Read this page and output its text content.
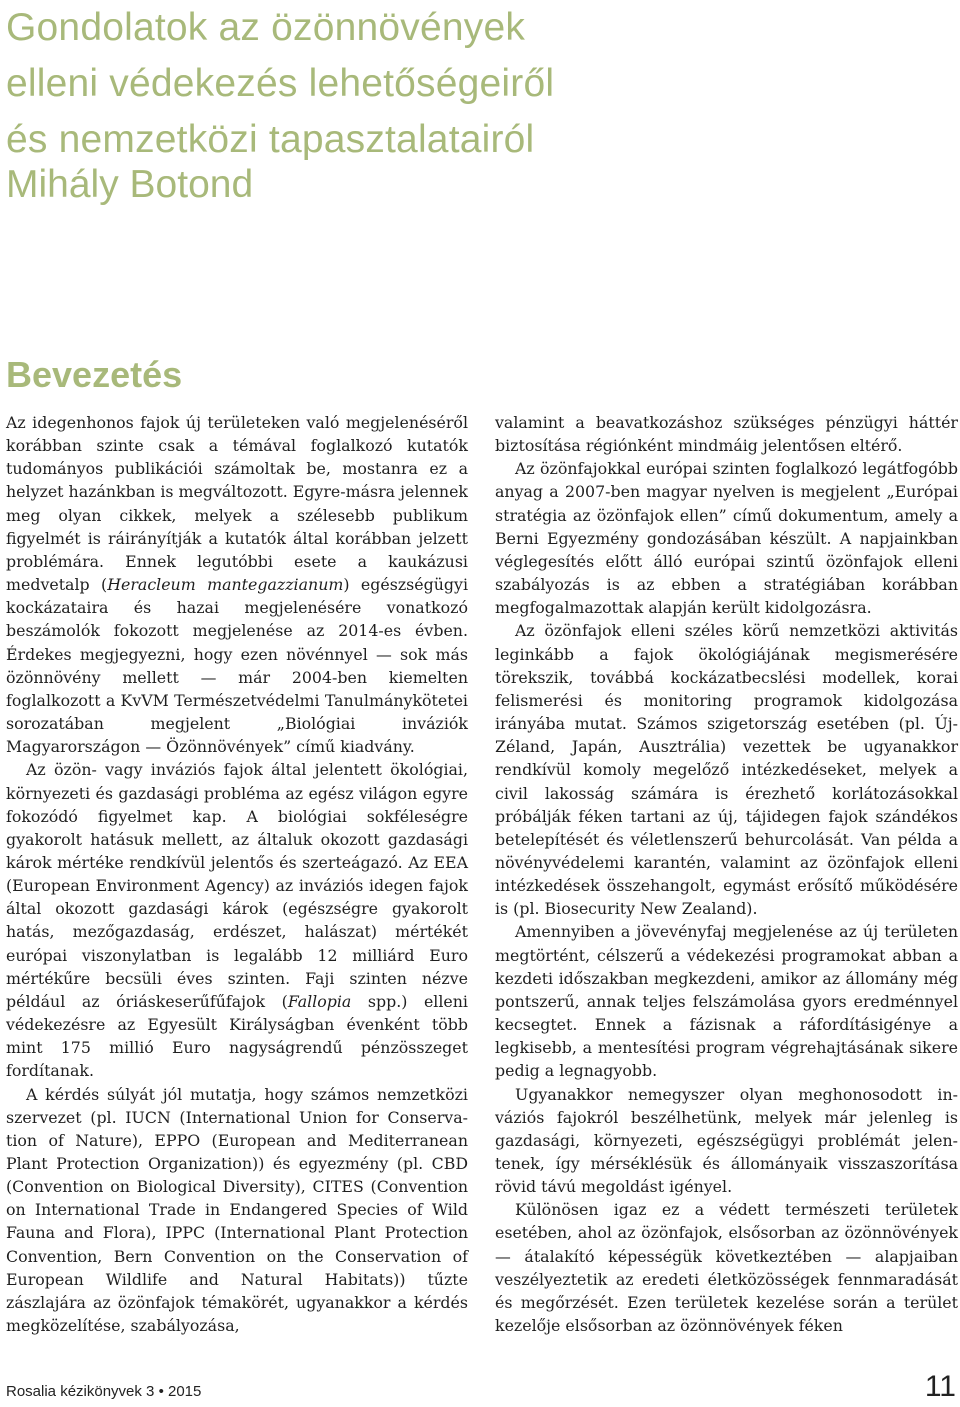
Gondolatok az özönnövények
elleni védekezés lehetőségeiről
és nemzetközi tapasztalatairól
Mihály Botond
Bevezetés

Az idegenhonos fajok új területeken való megjelenéséről korábban szinte csak a témával foglalkozó kutatók tudományos publikációi számoltak be, mostanra ez a helyzet hazánkban is megváltozott. Egyre-másra jelennek meg olyan cikkek, melyek a szélesebb publikum figyelmét is ráirányítják a kutatók által korábban jelzett problémára. Ennek legutóbbi esete a kaukázusi medvetalp (Heracleum mantegazzianum) egészségügyi kockázataira és hazai megjelenésére vonatkozó beszámolók fokozott megjelenése az 2014-es évben. Érdekes megjegyezni, hogy ezen növénnyel — sok más özönnövény mellett — már 2004-ben kiemelten foglalkozott a KvVM Természetvédelmi Tanulmánykötetei sorozatában megjelent „Biológiai inváziók Magyarországon — Özönnövények” című kiadvány.

Az özön- vagy inváziós fajok által jelentett ökológiai, környezeti és gazdasági probléma az egész világon egyre fokozódó figyelmet kap. A biológiai sokféleségre gyakorolt hatásuk mellett, az általuk okozott gazdasági károk mértéke rendkívül jelentős és szerteágazó. Az EEA (European Environment Agency) az inváziós idegen fajok által okozott gazdasági károk (egészségre gyakorolt hatás, mezőgazdaság, erdészet, halászat) mértékét európai viszonylatban is legalább 12 milliárd Euro mértékűre becsüli éves szinten. Faji szinten nézve például az óriáskeserűfűfajok (Fallopia spp.) elleni védekezésre az Egyesült Királyságban évenként több mint 175 millió Euro nagyságrendű pénzösszeget fordítanak.

A kérdés súlyát jól mutatja, hogy számos nemzetközi szervezet (pl. IUCN (International Union for Conservation of Nature), EPPO (European and Mediterranean Plant Protection Organization)) és egyezmény (pl. CBD (Convention on Biological Diversity), CITES (Convention on International Trade in Endangered Species of Wild Fauna and Flora), IPPC (International Plant Protection Convention, Bern Convention on the Conservation of European Wildlife and Natural Habitats)) tűzte zászlajára az özönfajok témakörét, ugyanakkor a kérdés megközelítése, szabályozása,

valamint a beavatkozáshoz szükséges pénzügyi háttér biztosítása régiónként mindmáig jelentősen eltérő.

Az özönfajokkal európai szinten foglalkozó legátfogóbb anyag a 2007-ben magyar nyelven is megjelent „Európai stratégia az özönfajok ellen” című dokumentum, amely a Berni Egyezmény gondozásában készült. A napjainkban véglegesítés előtt álló európai szintű özönfajok elleni szabályozás is az ebben a stratégiában korábban megfogalmazottak alapján került kidolgozásra.

Az özönfajok elleni széles körű nemzetközi aktivitás leginkább a fajok ökológiájának megismerésére törekszik, továbbá kockázatbecslési modellek, korai felismerési és monitoring programok kidolgozása irányába mutat. Számos szigetország esetében (pl. Új-Zéland, Japán, Ausztrália) vezettek be ugyanakkor rendkívül komoly megelőző intézkedéseket, melyek a civil lakosság számára is érezhető korlátozásokkal próbálják féken tartani az új, tájidegen fajok szándékos betelepítését és véletlenszerű behurcolását. Van példa a növényvédelemi karantén, valamint az özönfajok elleni intézkedések összehangolt, egymást erősítő működésére is (pl. Biosecurity New Zealand).

Amennyiben a jövevényfaj megjelenése az új területen megtörtént, célszerű a védekezési programokat abban a kezdeti időszakban megkezdeni, amikor az állomány még pontszerű, annak teljes felszámolása gyors eredménnyel kecsegtet. Ennek a fázisnak a ráfordításigénye a legkisebb, a mentesítési program végrehajtásának sikere pedig a legnagyobb.

Ugyanakkor nemegyszer olyan meghonosodott inváziós fajokról beszélhetünk, melyek már jelenleg is gazdasági, környezeti, egészségügyi problémát jelentenek, így mérséklésük és állományaik visszaszorítása rövid távú megoldást igényel.

Különösen igaz ez a védett természeti területek esetében, ahol az özönfajok, elsősorban az özönnövények — átalakító képességük következtében — alapjaiban veszélyeztetik az eredeti életközösségek fennmaradását és megőrzését. Ezen területek kezelése során a terület kezelője elsősorban az özönnövények féken

Rosalia kézikönyvek 3 • 2015	11
